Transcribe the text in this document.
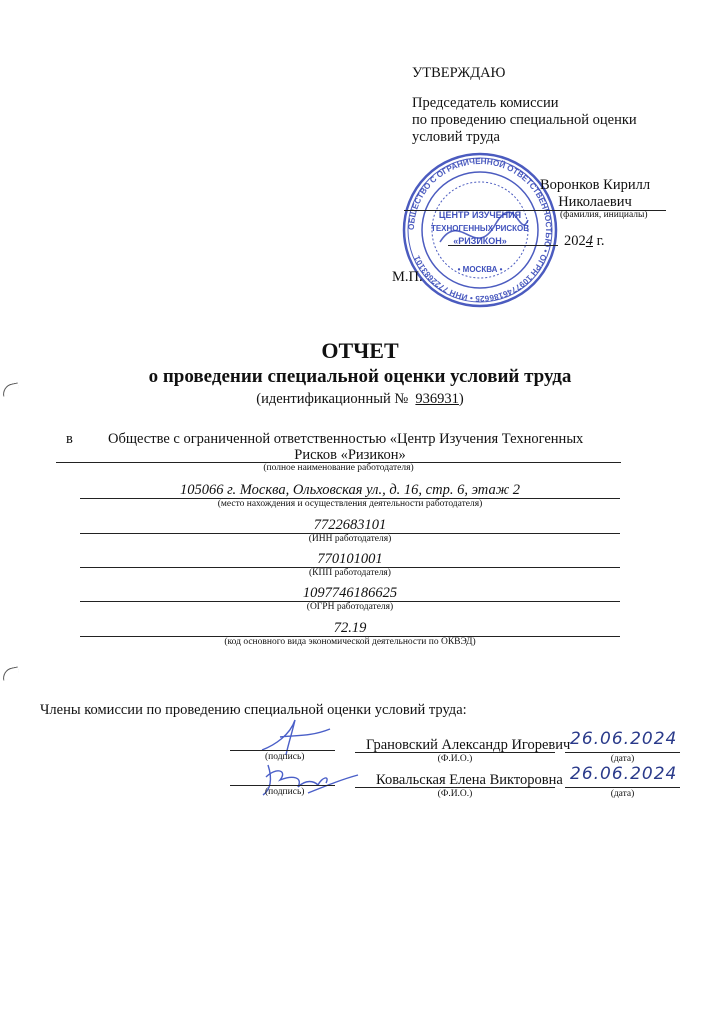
УТВЕРЖДАЮ
Председатель комиссии
по проведению специальной оценки
условий труда
ОБЩЕСТВО С ОГРАНИЧЕННОЙ ОТВЕТСТВЕННОСТЬЮ • ОГРН 1097746186625 • ИНН 7722683101
ЦЕНТР ИЗУЧЕНИЯ
ТЕХНОГЕННЫХ РИСКОВ
«РИЗИКОН»
• МОСКВА •
Воронков Кирилл
Николаевич
(фамилия, инициалы)
2024 г.
М.П.
ОТЧЕТ
о проведении специальной оценки условий труда
(идентификационный № 936931)
в Обществе с ограниченной ответственностью «Центр Изучения Техногенных
Рисков «Ризикон»
(полное наименование работодателя)
105066 г. Москва, Ольховская ул., д. 16, стр. 6, этаж 2
(место нахождения и осуществления деятельности работодателя)
7722683101
(ИНН работодателя)
770101001
(КПП работодателя)
1097746186625
(ОГРН работодателя)
72.19
(код основного вида экономической деятельности по ОКВЭД)
Члены комиссии по проведению специальной оценки условий труда:
(подпись)
Грановский Александр Игоревич
(Ф.И.О.)
26.06.2024
(дата)
(подпись)
Ковальская Елена Викторовна
(Ф.И.О.)
26.06.2024
(дата)
